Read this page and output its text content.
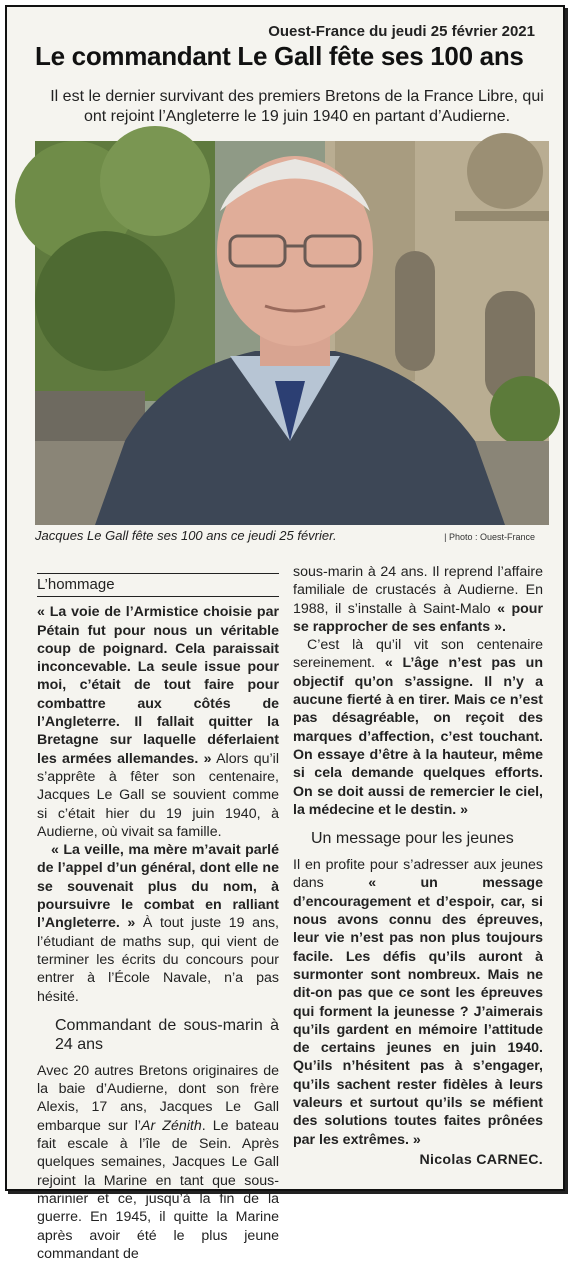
Ouest-France du jeudi 25 février 2021
Le commandant Le Gall fête ses 100 ans
Il est le dernier survivant des premiers Bretons de la France Libre, qui ont rejoint l’Angleterre le 19 juin 1940 en partant d’Audierne.
Jacques Le Gall fête ses 100 ans ce jeudi 25 février.	| Photo : Ouest-France
L’hommage

« La voie de l’Armistice choisie par Pétain fut pour nous un véritable coup de poignard. Cela paraissait inconcevable. La seule issue pour moi, c’était de tout faire pour combattre aux côtés de l’Angleterre. Il fallait quitter la Bretagne sur laquelle déferlaient les armées allemandes. » Alors qu’il s’apprête à fêter son centenaire, Jacques Le Gall se souvient comme si c’était hier du 19 juin 1940, à Audierne, où vivait sa famille.

« La veille, ma mère m’avait parlé de l’appel d’un général, dont elle ne se souvenait plus du nom, à poursuivre le combat en ralliant l’Angleterre. » À tout juste 19 ans, l’étudiant de maths sup, qui vient de terminer les écrits du concours pour entrer à l’École Navale, n’a pas hésité.

Commandant de sous-marin à 24 ans

Avec 20 autres Bretons originaires de la baie d’Audierne, dont son frère Alexis, 17 ans, Jacques Le Gall embarque sur l’Ar Zénith. Le bateau fait escale à l’île de Sein. Après quelques semaines, Jacques Le Gall rejoint la Marine en tant que sous-marinier et ce, jusqu’à la fin de la guerre. En 1945, il quitte la Marine après avoir été le plus jeune commandant de

sous-marin à 24 ans. Il reprend l’affaire familiale de crustacés à Audierne. En 1988, il s’installe à Saint-Malo « pour se rapprocher de ses enfants ».

C’est là qu’il vit son centenaire sereinement. « L’âge n’est pas un objectif qu’on s’assigne. Il n’y a aucune fierté à en tirer. Mais ce n’est pas désagréable, on reçoit des marques d’affection, c’est touchant. On essaye d’être à la hauteur, même si cela demande quelques efforts. On se doit aussi de remercier le ciel, la médecine et le destin. »

Un message pour les jeunes

Il en profite pour s’adresser aux jeunes dans « un message d’encouragement et d’espoir, car, si nous avons connu des épreuves, leur vie n’est pas non plus toujours facile. Les défis qu’ils auront à surmonter sont nombreux. Mais ne dit-on pas que ce sont les épreuves qui forment la jeunesse ? J’aimerais qu’ils gardent en mémoire l’attitude de certains jeunes en juin 1940. Qu’ils n’hésitent pas à s’engager, qu’ils sachent rester fidèles à leurs valeurs et surtout qu’ils se méfient des solutions toutes faites prônées par les extrêmes. »

Nicolas CARNEC.
